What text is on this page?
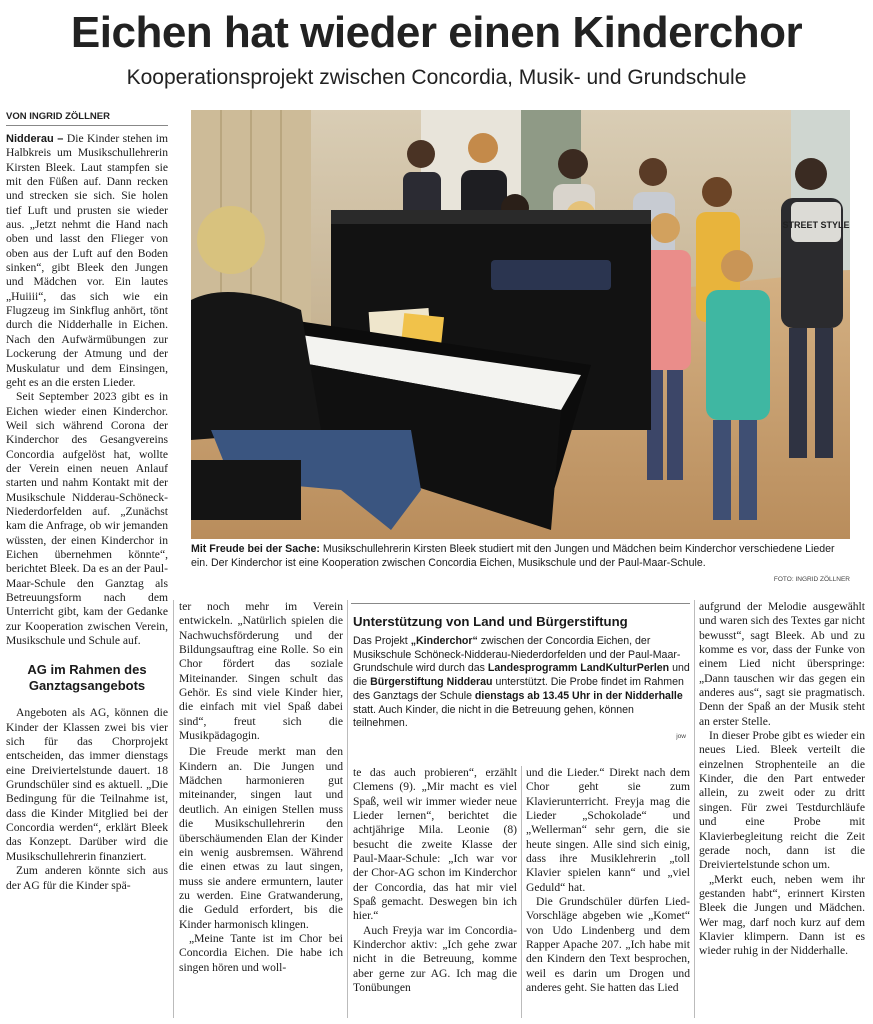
Eichen hat wieder einen Kinderchor
Kooperationsprojekt zwischen Concordia, Musik- und Grundschule
VON INGRID ZÖLLNER

Nidderau – Die Kinder stehen im Halbkreis um Musikschullehrerin Kirsten Bleek. Laut stampfen sie mit den Füßen auf. Dann recken und strecken sie sich. Sie holen tief Luft und prusten sie wieder aus. „Jetzt nehmt die Hand nach oben und lasst den Flieger von oben aus der Luft auf den Boden sinken“, gibt Bleek den Jungen und Mädchen vor. Ein lautes „Huiiii“, das sich wie ein Flugzeug im Sinkflug anhört, tönt durch die Nidderhalle in Eichen. Nach den Aufwärmübungen zur Lockerung der Atmung und der Muskulatur und dem Einsingen, geht es an die ersten Lieder.

Seit September 2023 gibt es in Eichen wieder einen Kinderchor. Weil sich während Corona der Kinderchor des Gesangvereins Concordia aufgelöst hat, wollte der Verein einen neuen Anlauf starten und nahm Kontakt mit der Musikschule Nidderau-Schöneck-Niederdorfelden auf. „Zunächst kam die Anfrage, ob wir jemanden wüssten, der einen Kinderchor in Eichen übernehmen könnte“, berichtet Bleek. Da es an der Paul-Maar-Schule den Ganztag als Betreuungsform nach dem Unterricht gibt, kam der Gedanke zur Kooperation zwischen Verein, Musikschule und Schule auf.

AG im Rahmen des Ganztagsangebots

Angeboten als AG, können die Kinder der Klassen zwei bis vier sich für das Chorprojekt entscheiden, das immer dienstags eine Dreiviertelstunde dauert. 18 Grundschüler sind es aktuell. „Die Bedingung für die Teilnahme ist, dass die Kinder Mitglied bei der Concordia werden“, erklärt Bleek das Konzept. Darüber wird die Musikschullehrerin finanziert.

Zum anderen könnte sich aus der AG für die Kinder spä-

STREET STYLE
Mit Freude bei der Sache: Musikschullehrerin Kirsten Bleek studiert mit den Jungen und Mädchen beim Kinderchor verschiedene Lieder ein. Der Kinderchor ist eine Kooperation zwischen Concordia Eichen, Musikschule und der Paul-Maar-Schule.
FOTO: INGRID ZÖLLNER

ter noch mehr im Verein entwickeln. „Natürlich spielen die Nachwuchsförderung und der Bildungsauftrag eine Rolle. So ein Chor fördert das soziale Miteinander. Singen schult das Gehör. Es sind viele Kinder hier, die einfach mit viel Spaß dabei sind“, freut sich die Musikpädagogin.

Die Freude merkt man den Kindern an. Die Jungen und Mädchen harmonieren gut miteinander, singen laut und deutlich. An einigen Stellen muss die Musikschullehrerin den überschäumenden Elan der Kinder ein wenig ausbremsen. Während die einen etwas zu laut singen, muss sie andere ermuntern, lauter zu werden. Eine Gratwanderung, die Geduld erfordert, bis die Kinder harmonisch klingen.

„Meine Tante ist im Chor bei Concordia Eichen. Die habe ich singen hören und woll-

Unterstützung von Land und Bürgerstiftung
Das Projekt „Kinderchor“ zwischen der Concordia Eichen, der Musikschule Schöneck-Nidderau-Niederdorfelden und der Paul-Maar-Grundschule wird durch das Landesprogramm LandKulturPerlen und die Bürgerstiftung Nidderau unterstützt. Die Probe findet im Rahmen des Ganztags der Schule dienstags ab 13.45 Uhr in der Nidderhalle statt. Auch Kinder, die nicht in die Betreuung gehen, können teilnehmen.
jow

te das auch probieren“, erzählt Clemens (9). „Mir macht es viel Spaß, weil wir immer wieder neue Lieder lernen“, berichtet die achtjährige Mila. Leonie (8) besucht die zweite Klasse der Paul-Maar-Schule: „Ich war vor der Chor-AG schon im Kinderchor der Concordia, das hat mir viel Spaß gemacht. Deswegen bin ich hier.“

Auch Freyja war im Concordia-Kinderchor aktiv: „Ich gehe zwar nicht in die Betreuung, komme aber gerne zur AG. Ich mag die Tonübungen

und die Lieder.“ Direkt nach dem Chor geht sie zum Klavierunterricht. Freyja mag die Lieder „Schokolade“ und „Wellerman“ sehr gern, die sie heute singen. Alle sind sich einig, dass ihre Musiklehrerin „toll Klavier spielen kann“ und „viel Geduld“ hat.

Die Grundschüler dürfen Lied-Vorschläge abgeben wie „Komet“ von Udo Lindenberg und dem Rapper Apache 207. „Ich habe mit den Kindern den Text besprochen, weil es darin um Drogen und anderes geht. Sie hatten das Lied

aufgrund der Melodie ausgewählt und waren sich des Textes gar nicht bewusst“, sagt Bleek. Ab und zu komme es vor, dass der Funke von einem Lied nicht überspringe: „Dann tauschen wir das gegen ein anderes aus“, sagt sie pragmatisch. Denn der Spaß an der Musik steht an erster Stelle.

In dieser Probe gibt es wieder ein neues Lied. Bleek verteilt die einzelnen Strophenteile an die Kinder, die den Part entweder allein, zu zweit oder zu dritt singen. Für zwei Testdurchläufe und eine Probe mit Klavierbegleitung reicht die Zeit gerade noch, dann ist die Dreiviertelstunde schon um.

„Merkt euch, neben wem ihr gestanden habt“, erinnert Kirsten Bleek die Jungen und Mädchen. Wer mag, darf noch kurz auf dem Klavier klimpern. Dann ist es wieder ruhig in der Nidderhalle.
